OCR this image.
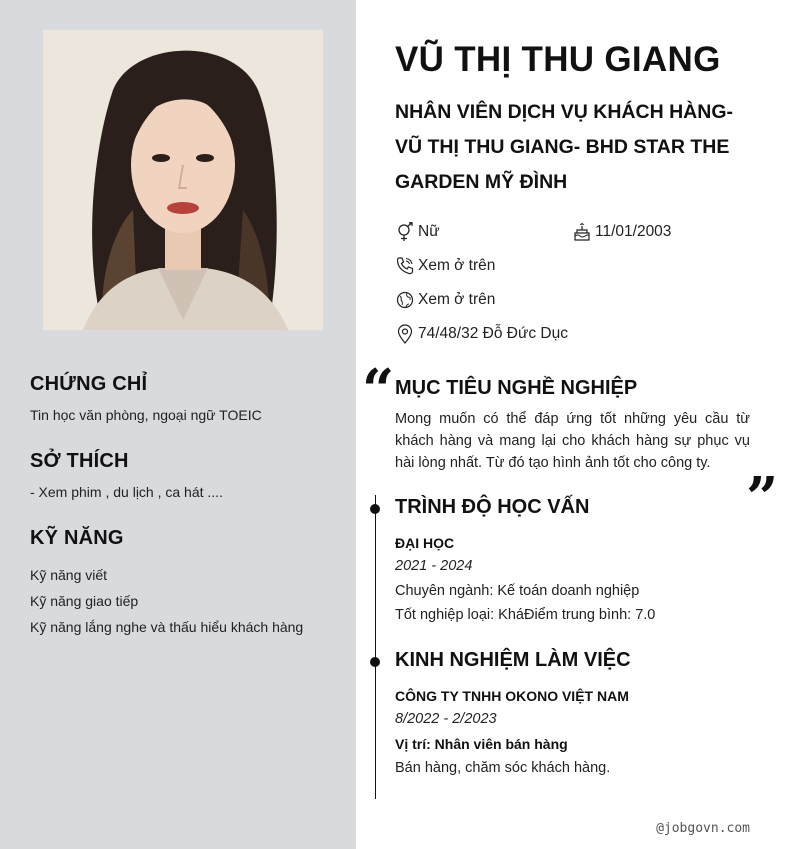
CHỨNG CHỈ

Tin học văn phòng, ngoại ngữ TOEIC

SỞ THÍCH

- Xem phim , du lịch , ca hát ....

KỸ NĂNG

Kỹ năng viết

Kỹ năng giao tiếp

Kỹ năng lắng nghe và thấu hiểu khách hàng

VŨ THỊ THU GIANG
NHÂN VIÊN DỊCH VỤ KHÁCH HÀNG-
VŨ THỊ THU GIANG- BHD STAR THE
GARDEN MỸ ĐÌNH
Nữ	11/01/2003
Xem ở trên
Xem ở trên
74/48/32 Đỗ Đức Dục
“ MỤC TIÊU NGHỀ NGHIỆP

Mong muốn có thể đáp ứng tốt những yêu cầu từ khách hàng và mang lại cho khách hàng sự phục vụ hài lòng nhất. Từ đó tạo hình ảnh tốt cho công ty.

”
TRÌNH ĐỘ HỌC VẤN

ĐẠI HỌC

2021 - 2024

Chuyên ngành: Kế toán doanh nghiệp

Tốt nghiệp loại: KháĐiểm trung bình: 7.0

KINH NGHIỆM LÀM VIỆC

CÔNG TY TNHH OKONO VIỆT NAM

8/2022 - 2/2023

Vị trí: Nhân viên bán hàng

Bán hàng, chăm sóc khách hàng.

@jobgovn.com
